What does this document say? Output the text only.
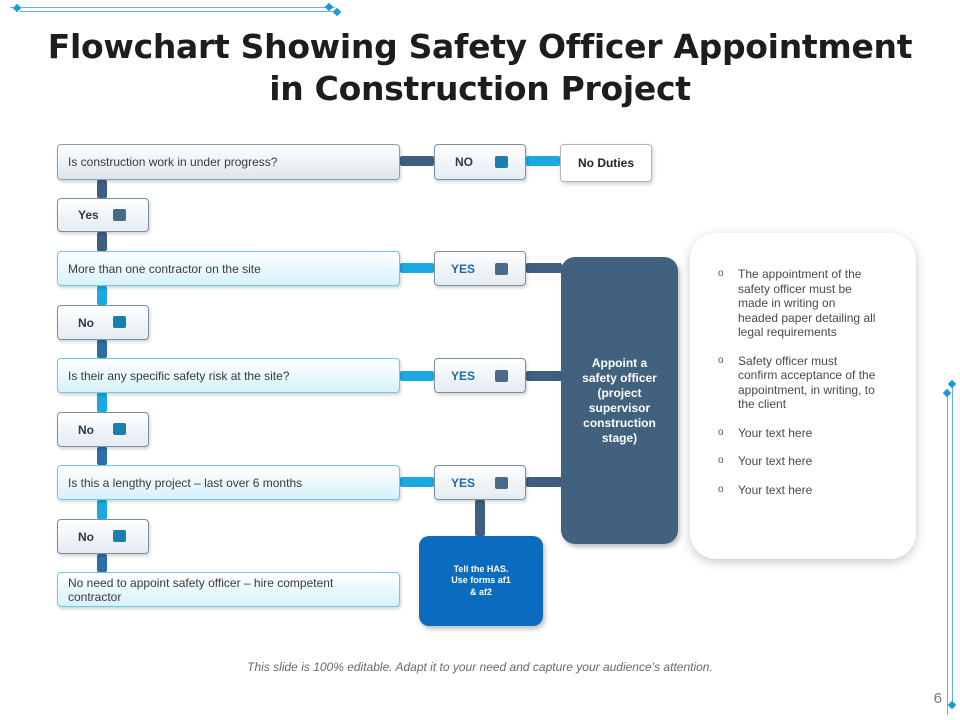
Flowchart Showing Safety Officer Appointment
in Construction Project
Is construction work in under progress?
More than one contractor on the site
Is their any specific safety risk at the site?
Is this a lengthy project – last over 6 months
No need to appoint safety officer – hire competent contractor
Yes
No
No
No
NO
YES
YES
YES
No Duties
Appoint a safety officer (project supervisor construction stage)
Tell the HAS. Use forms af1 & af2
o The appointment of the safety officer must be made in writing on headed paper detailing all legal requirements
o Safety officer must confirm acceptance of the appointment, in writing, to the client
o Your text here
o Your text here
o Your text here
This slide is 100% editable. Adapt it to your need and capture your audience’s attention.
6
